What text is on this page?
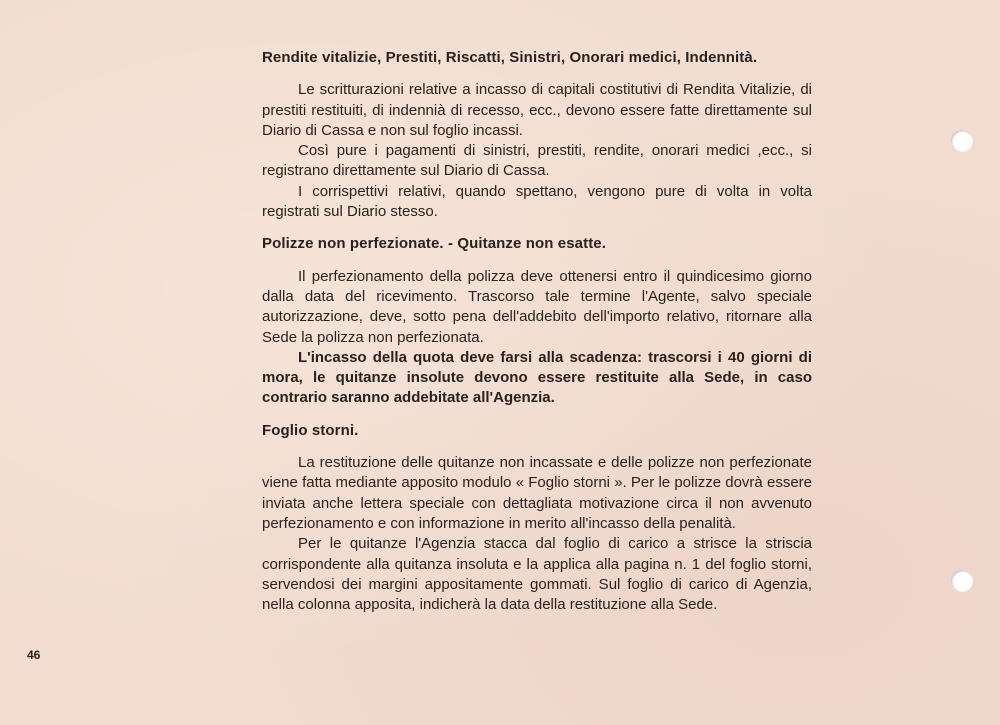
Rendite vitalizie, Prestiti, Riscatti, Sinistri, Onorari medici, Indennità.

Le scritturazioni relative a incasso di capitali costitutivi di Rendita Vitalizie, di prestiti restituiti, di indennià di recesso, ecc., devono essere fatte direttamente sul Diario di Cassa e non sul foglio incassi.

Così pure i pagamenti di sinistri, prestiti, rendite, onorari medici ,ecc., si registrano direttamente sul Diario di Cassa.

I corrispettivi relativi, quando spettano, vengono pure di volta in volta registrati sul Diario stesso.

Polizze non perfezionate. - Quitanze non esatte.

Il perfezionamento della polizza deve ottenersi entro il quindicesimo giorno dalla data del ricevimento. Trascorso tale termine l'Agente, salvo speciale autorizzazione, deve, sotto pena dell'addebito dell'importo relativo, ritornare alla Sede la polizza non perfezionata.

L'incasso della quota deve farsi alla scadenza: trascorsi i 40 giorni di mora, le quitanze insolute devono essere restituite alla Sede, in caso contrario saranno addebitate all'Agenzia.

Foglio storni.

La restituzione delle quitanze non incassate e delle polizze non perfezionate viene fatta mediante apposito modulo « Foglio storni ». Per le polizze dovrà essere inviata anche lettera speciale con dettagliata motivazione circa il non avvenuto perfezionamento e con informazione in merito all'incasso della penalità.

Per le quitanze l'Agenzia stacca dal foglio di carico a strisce la striscia corrispondente alla quitanza insoluta e la applica alla pagina n. 1 del foglio storni, servendosi dei margini appositamente gommati. Sul foglio di carico di Agenzia, nella colonna apposita, indicherà la data della restituzione alla Sede.

46
